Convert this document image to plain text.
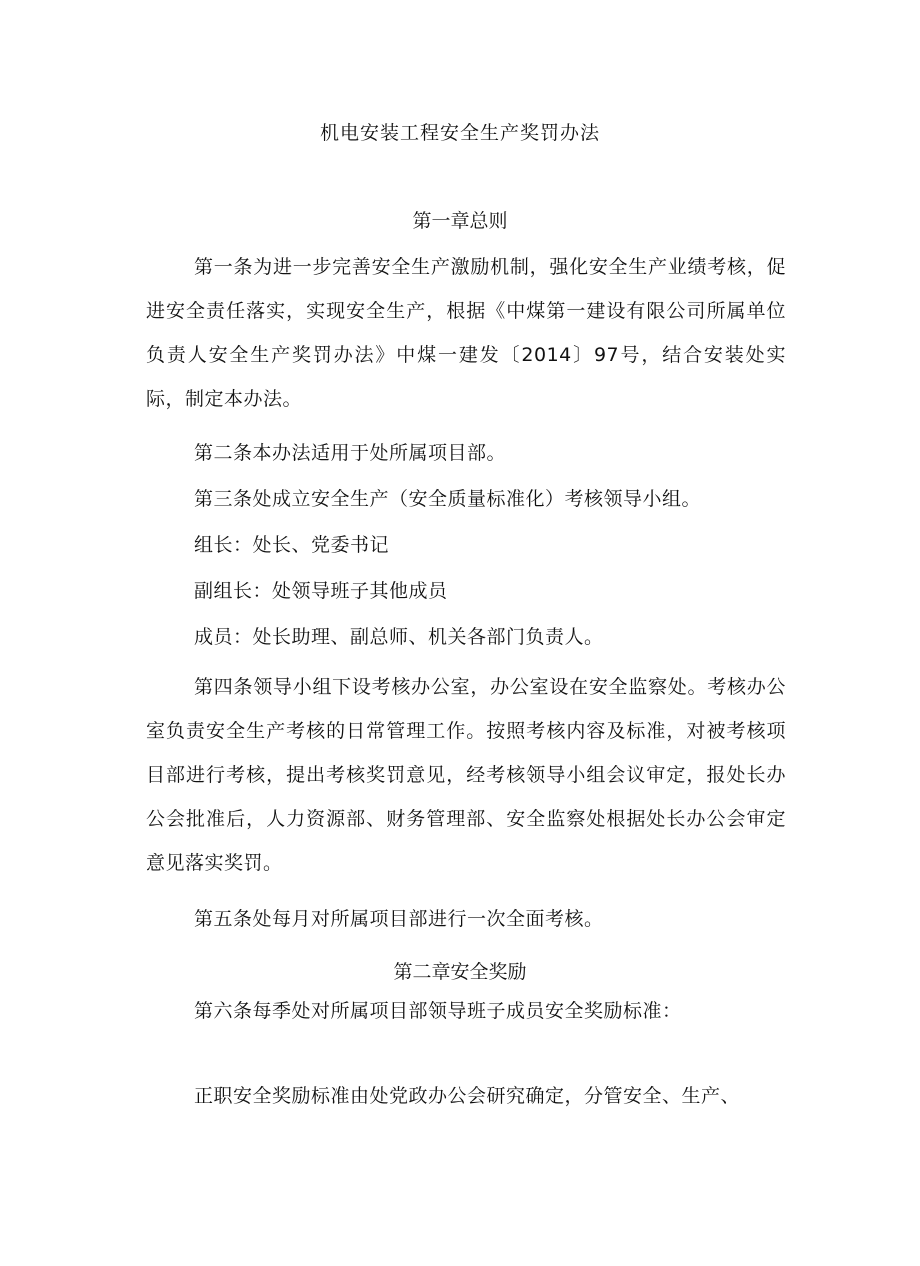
机电安装工程安全生产奖罚办法
第一章总则
第一条为进一步完善安全生产激励机制，强化安全生产业绩考核，促进安全责任落实，实现安全生产，根据《中煤第一建设有限公司所属单位负责人安全生产奖罚办法》中煤一建发〔2014〕97号，结合安装处实际，制定本办法。
第二条本办法适用于处所属项目部。
第三条处成立安全生产（安全质量标准化）考核领导小组。
组长：处长、党委书记
副组长：处领导班子其他成员
成员：处长助理、副总师、机关各部门负责人。
第四条领导小组下设考核办公室，办公室设在安全监察处。考核办公室负责安全生产考核的日常管理工作。按照考核内容及标准，对被考核项目部进行考核，提出考核奖罚意见，经考核领导小组会议审定，报处长办公会批准后，人力资源部、财务管理部、安全监察处根据处长办公会审定意见落实奖罚。
第五条处每月对所属项目部进行一次全面考核。
第二章安全奖励
第六条每季处对所属项目部领导班子成员安全奖励标准：
正职安全奖励标准由处党政办公会研究确定，分管安全、生产、
